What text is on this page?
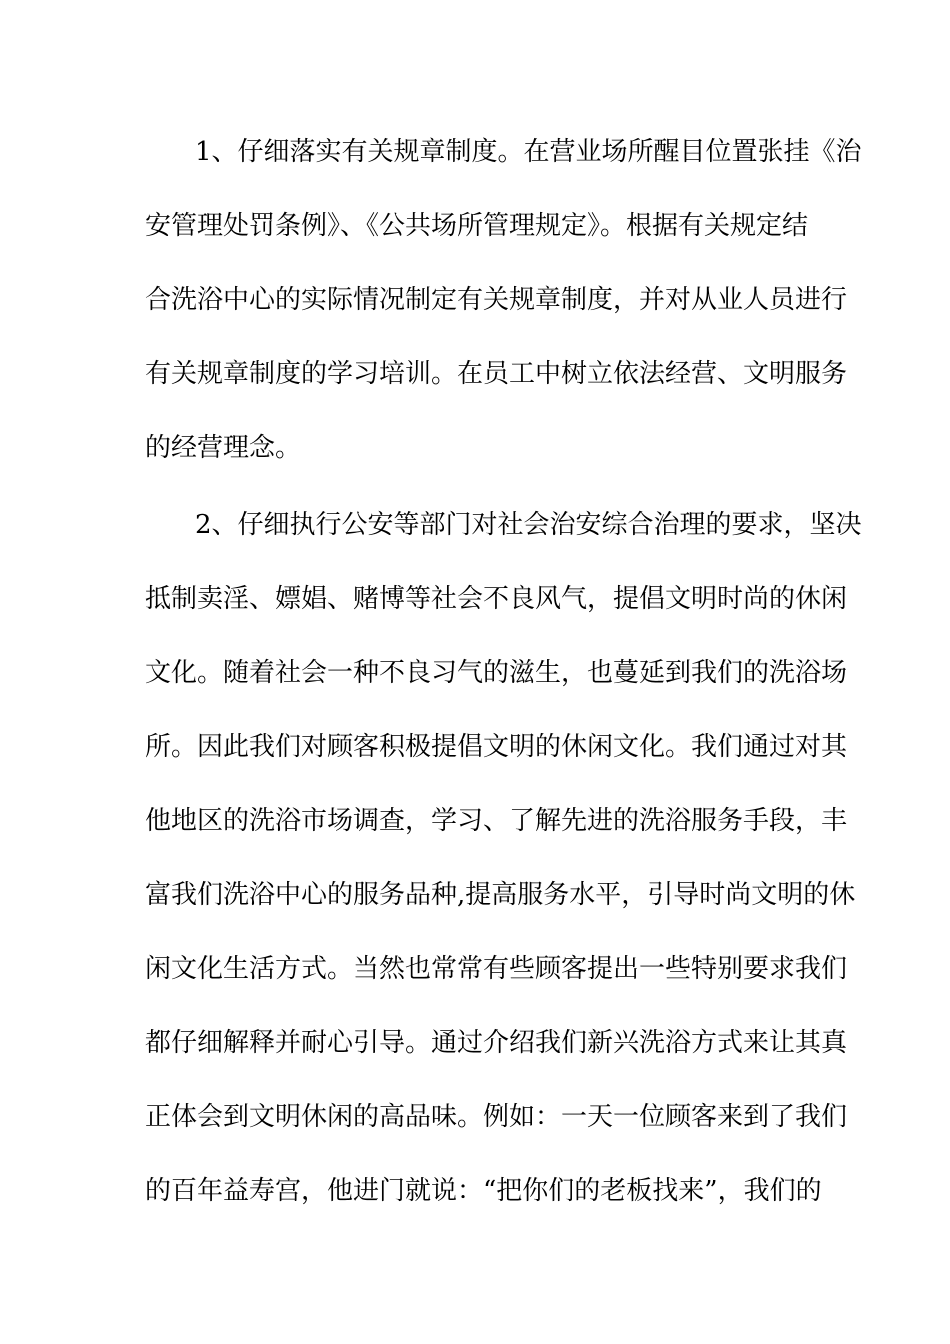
1、仔细落实有关规章制度。在营业场所醒目位置张挂《治
安管理处罚条例》、《公共场所管理规定》。根据有关规定结
合洗浴中心的实际情况制定有关规章制度，并对从业人员进行
有关规章制度的学习培训。在员工中树立依法经营、文明服务
的经营理念。
2、仔细执行公安等部门对社会治安综合治理的要求，坚决
抵制卖淫、嫖娼、赌博等社会不良风气，提倡文明时尚的休闲
文化。随着社会一种不良习气的滋生，也蔓延到我们的洗浴场
所。因此我们对顾客积极提倡文明的休闲文化。我们通过对其
他地区的洗浴市场调查，学习、了解先进的洗浴服务手段，丰
富我们洗浴中心的服务品种,提高服务水平，引导时尚文明的休
闲文化生活方式。当然也常常有些顾客提出一些特别要求我们
都仔细解释并耐心引导。通过介绍我们新兴洗浴方式来让其真
正体会到文明休闲的高品味。例如：一天一位顾客来到了我们
的百年益寿宫，他进门就说：“把你们的老板找来”，我们的
